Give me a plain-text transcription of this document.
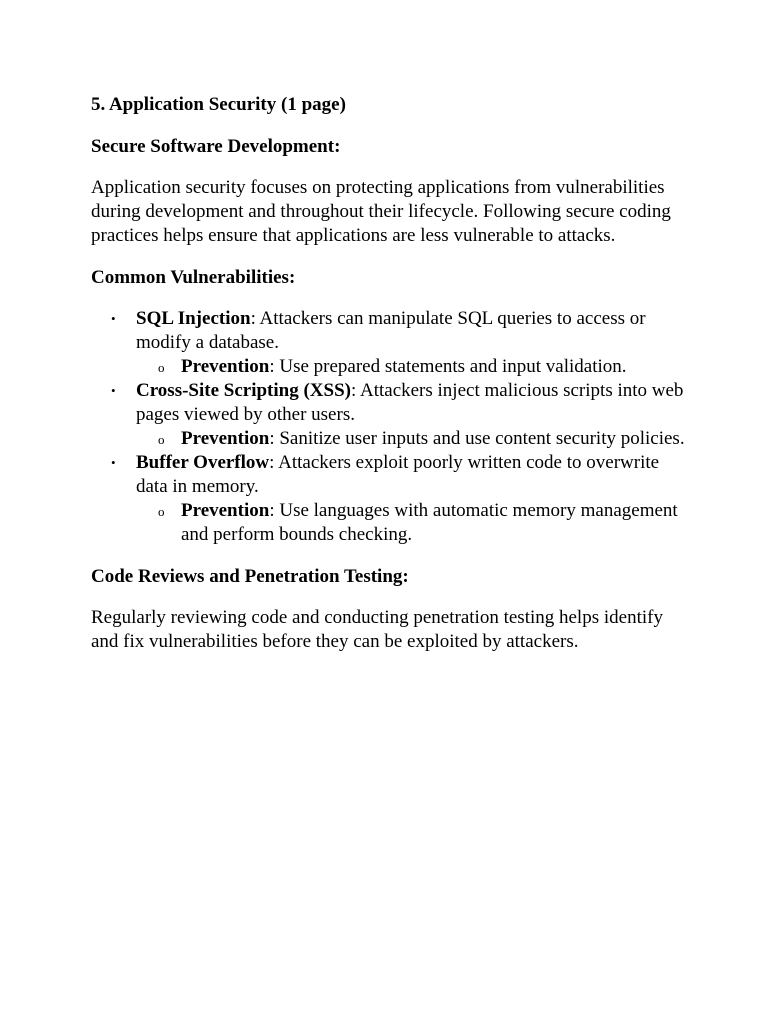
5. Application Security (1 page)

Secure Software Development:

Application security focuses on protecting applications from vulnerabilities during development and throughout their lifecycle. Following secure coding practices helps ensure that applications are less vulnerable to attacks.

Common Vulnerabilities:

• SQL Injection: Attackers can manipulate SQL queries to access or modify a database.
o Prevention: Use prepared statements and input validation.
• Cross-Site Scripting (XSS): Attackers inject malicious scripts into web pages viewed by other users.
o Prevention: Sanitize user inputs and use content security policies.
• Buffer Overflow: Attackers exploit poorly written code to overwrite data in memory.
o Prevention: Use languages with automatic memory management and perform bounds checking.

Code Reviews and Penetration Testing:

Regularly reviewing code and conducting penetration testing helps identify and fix vulnerabilities before they can be exploited by attackers.
